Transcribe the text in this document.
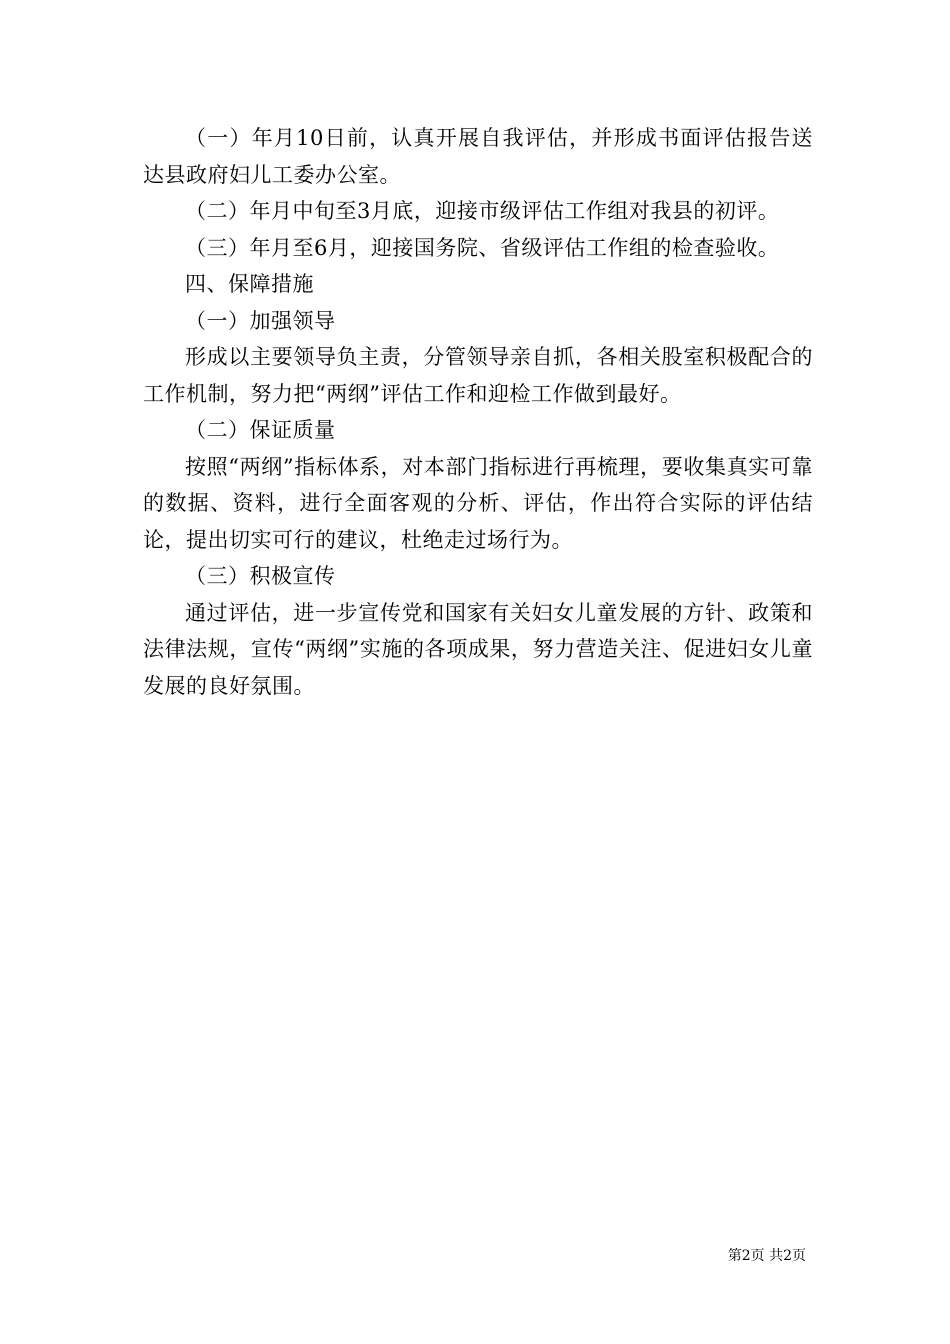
（一）年月10日前，认真开展自我评估，并形成书面评估报告送达县政府妇儿工委办公室。

（二）年月中旬至3月底，迎接市级评估工作组对我县的初评。

（三）年月至6月，迎接国务院、省级评估工作组的检查验收。

四、保障措施

（一）加强领导

形成以主要领导负主责，分管领导亲自抓，各相关股室积极配合的工作机制，努力把“两纲”评估工作和迎检工作做到最好。

（二）保证质量

按照“两纲”指标体系，对本部门指标进行再梳理，要收集真实可靠的数据、资料，进行全面客观的分析、评估，作出符合实际的评估结论，提出切实可行的建议，杜绝走过场行为。

（三）积极宣传

通过评估，进一步宣传党和国家有关妇女儿童发展的方针、政策和法律法规，宣传“两纲”实施的各项成果，努力营造关注、促进妇女儿童发展的良好氛围。

第2页 共2页
